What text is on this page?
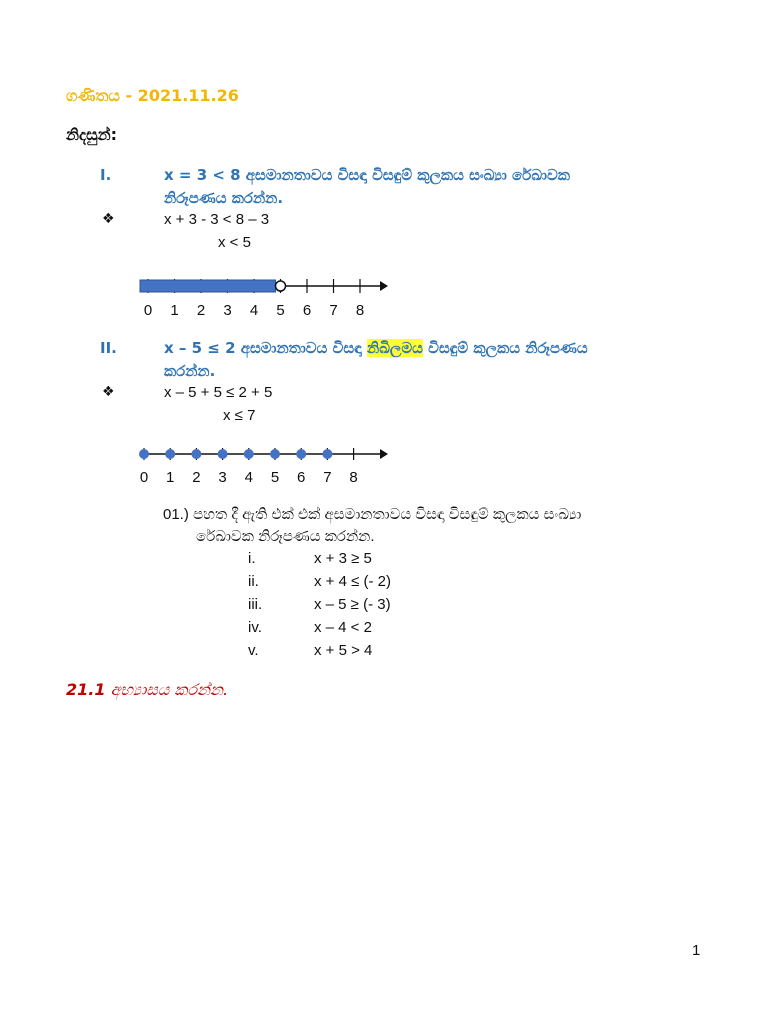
ගණිතය - 2021.11.26
නිදසුන්:
I.	x = 3 < 8 අසමානතාවය විසඳා විසඳුම් කුලකය සංඛ්‍යා රේඛාවක
නිරූපණය කරන්න.
❖	x + 3 - 3 < 8 – 3
x < 5
0 1 2 3 4 5 6 7 8
II.	x – 5 ≤ 2 අසමානතාවය විසඳා නිඛිලමය විසඳුම් කුලකය නිරූපණය
කරන්න.
❖	x – 5 + 5 ≤ 2 + 5
x ≤ 7
0 1 2 3 4 5 6 7 8
01.) පහත දී ඇති එක් එක් අසමානතාවය විසඳා විසඳුම් කුලකය සංඛ්‍යා
රේඛාවක නිරූපණය කරන්න.
i.	x + 3 ≥ 5
ii.	x + 4 ≤ (- 2)
iii.	x – 5 ≥ (- 3)
iv.	x – 4 < 2
v.	x + 5 > 4
21.1 අභ්‍යාසය කරන්න.
1
